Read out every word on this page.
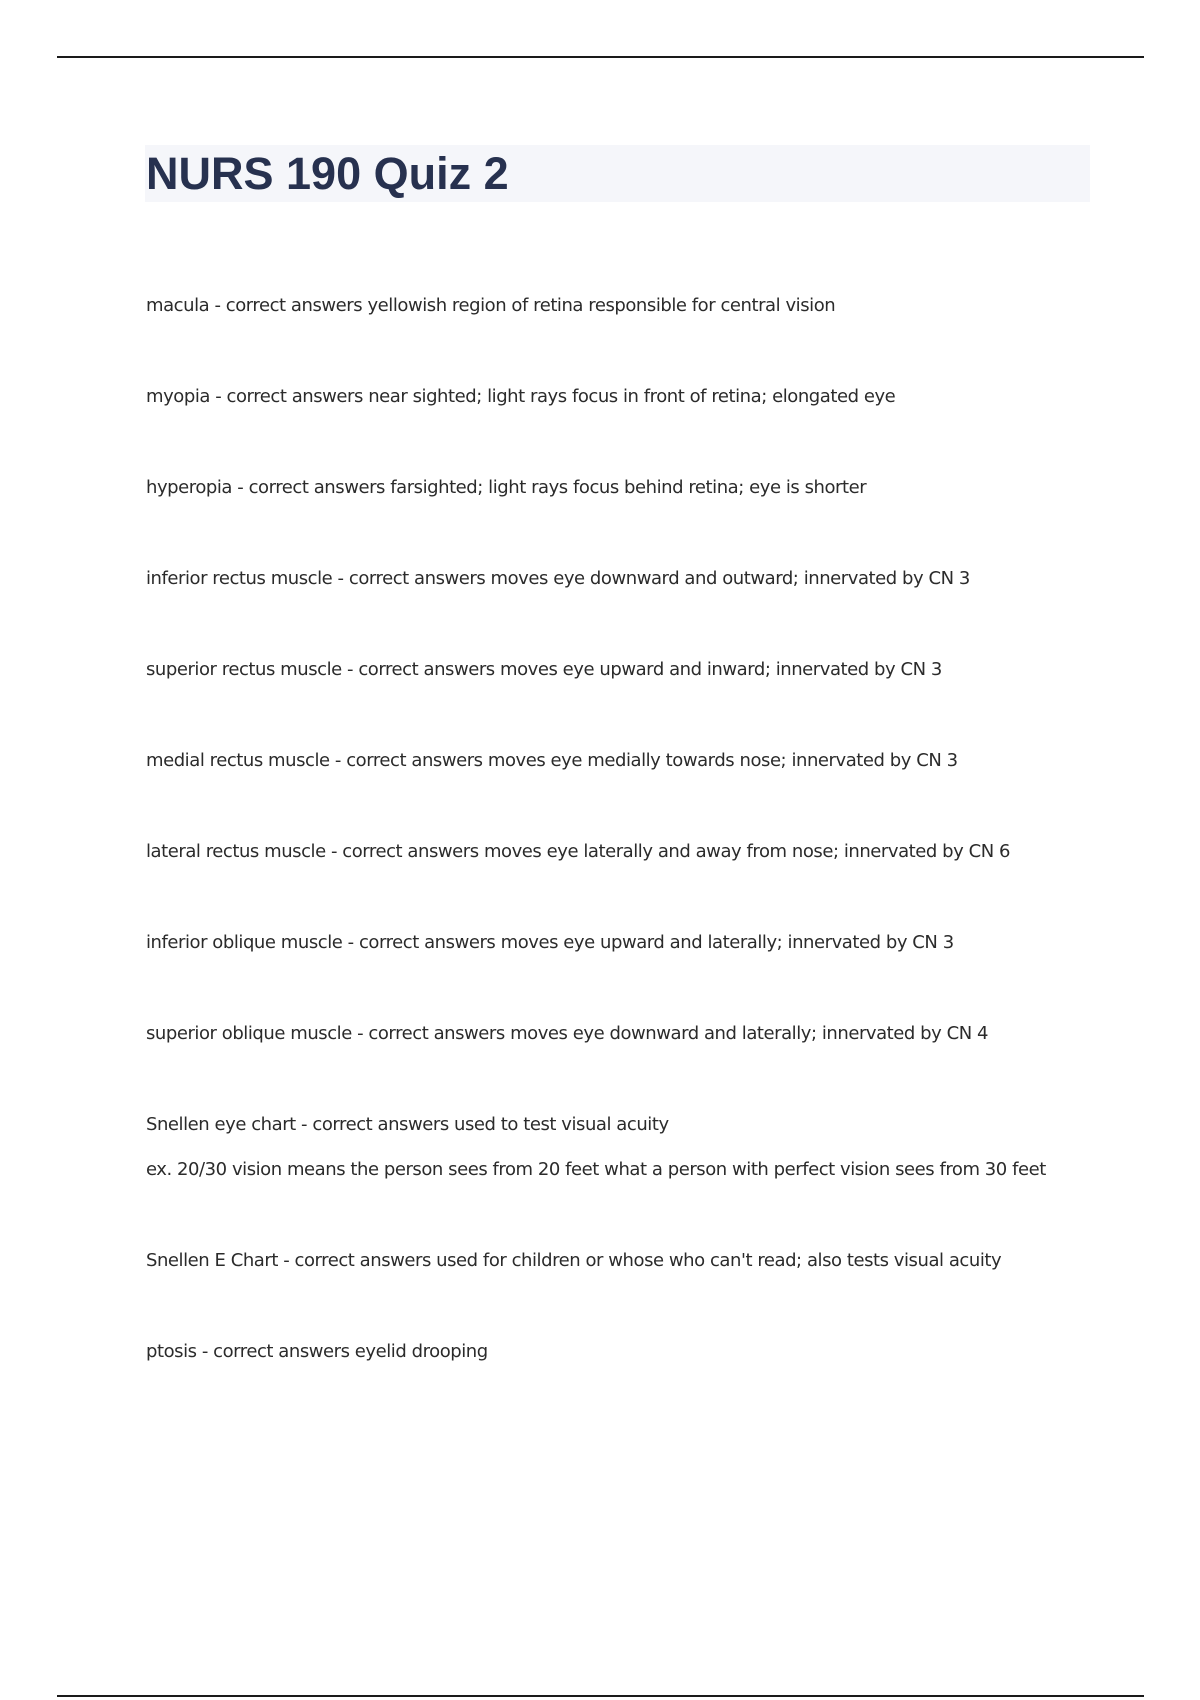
NURS 190 Quiz 2

macula - correct answers yellowish region of retina responsible for central vision

myopia - correct answers near sighted; light rays focus in front of retina; elongated eye

hyperopia - correct answers farsighted; light rays focus behind retina; eye is shorter

inferior rectus muscle - correct answers moves eye downward and outward; innervated by CN 3

superior rectus muscle - correct answers moves eye upward and inward; innervated by CN 3

medial rectus muscle - correct answers moves eye medially towards nose; innervated by CN 3

lateral rectus muscle - correct answers moves eye laterally and away from nose; innervated by CN 6

inferior oblique muscle - correct answers moves eye upward and laterally; innervated by CN 3

superior oblique muscle - correct answers moves eye downward and laterally; innervated by CN 4

Snellen eye chart - correct answers used to test visual acuity
ex. 20/30 vision means the person sees from 20 feet what a person with perfect vision sees from 30 feet

Snellen E Chart - correct answers used for children or whose who can't read; also tests visual acuity

ptosis - correct answers eyelid drooping
